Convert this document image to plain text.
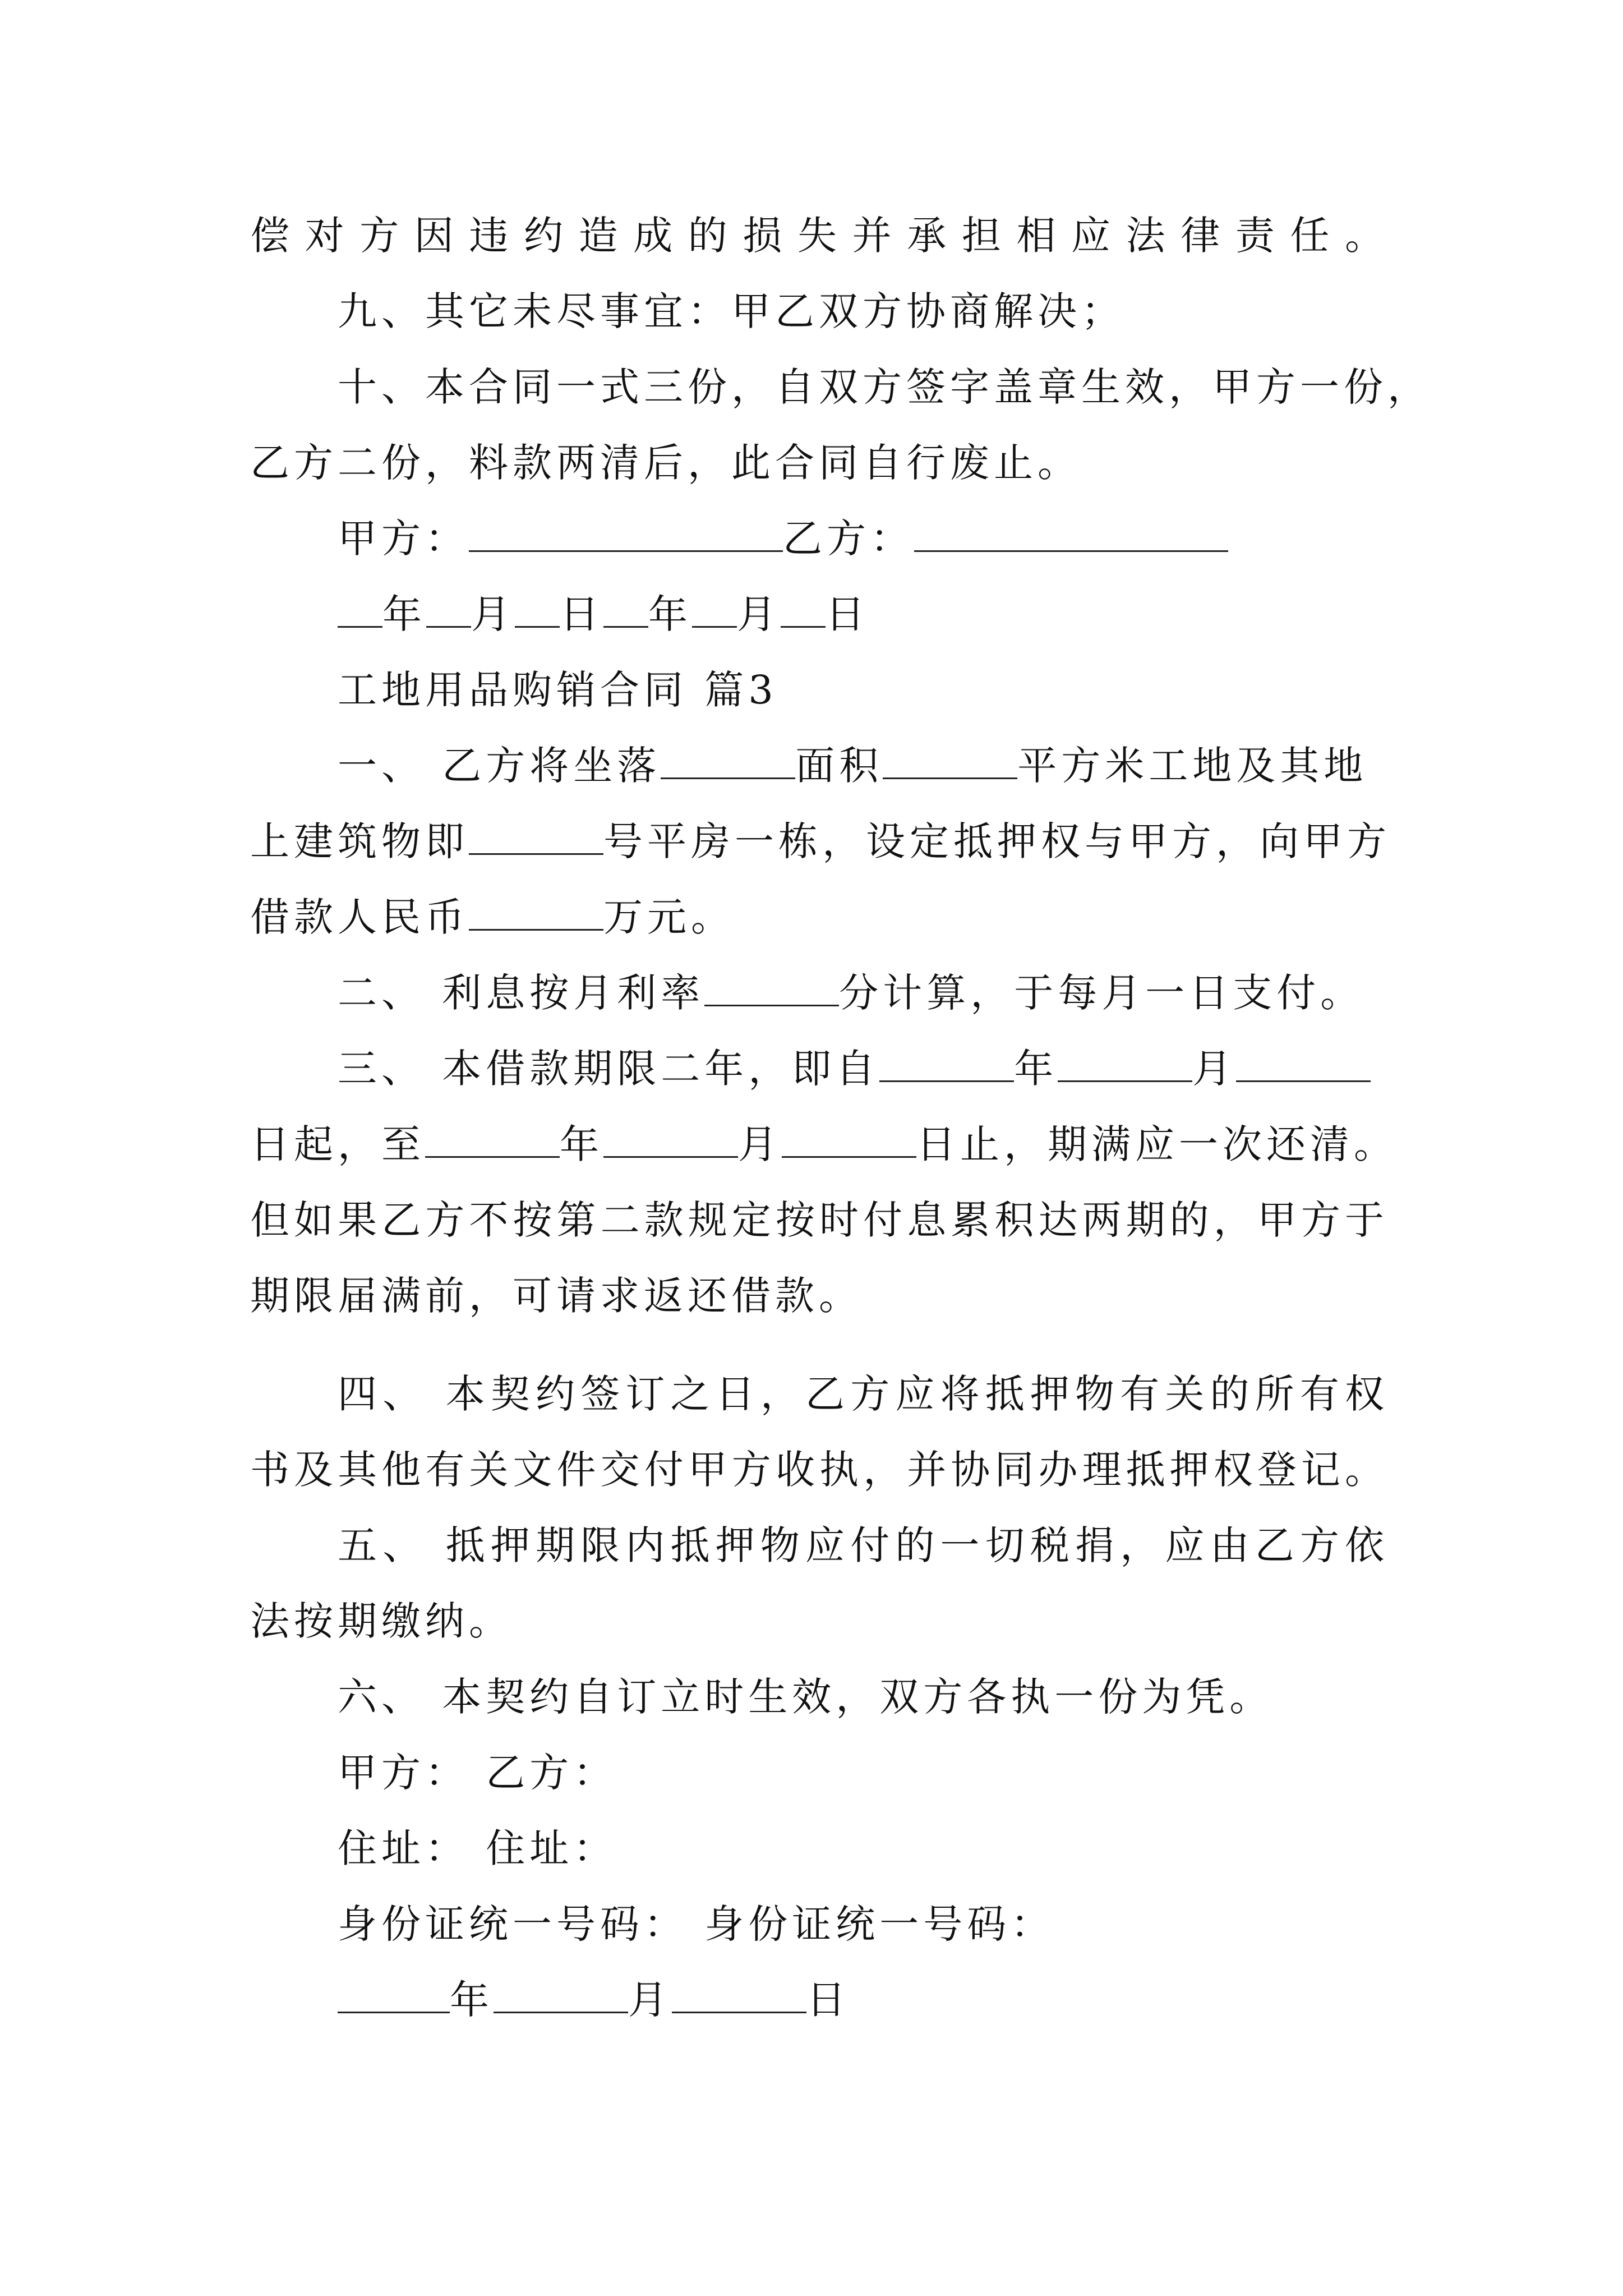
偿对方因违约造成的损失并承担相应法律责任。
九、其它未尽事宜：甲乙双方协商解决；
十、本合同一式三份，自双方签字盖章生效，甲方一份，
乙方二份，料款两清后，此合同自行废止。
甲方：	乙方：
年 月 日 年 月 日
工地用品购销合同 篇3
一、 乙方将坐落	面积	平方米工地及其地
上建筑物即	号平房一栋，设定抵押权与甲方，向甲方
借款人民币	万元。
二、 利息按月利率	分计算，于每月一日支付。
三、 本借款期限二年，即自	年	月
日起，至	年	月	日止，期满应一次还清。
但如果乙方不按第二款规定按时付息累积达两期的，甲方于
期限届满前，可请求返还借款。
四、 本契约签订之日，乙方应将抵押物有关的所有权
书及其他有关文件交付甲方收执，并协同办理抵押权登记。
五、 抵押期限内抵押物应付的一切税捐，应由乙方依
法按期缴纳。
六、 本契约自订立时生效，双方各执一份为凭。
甲方： 乙方：
住址： 住址：
身份证统一号码： 身份证统一号码：
年	月	日
